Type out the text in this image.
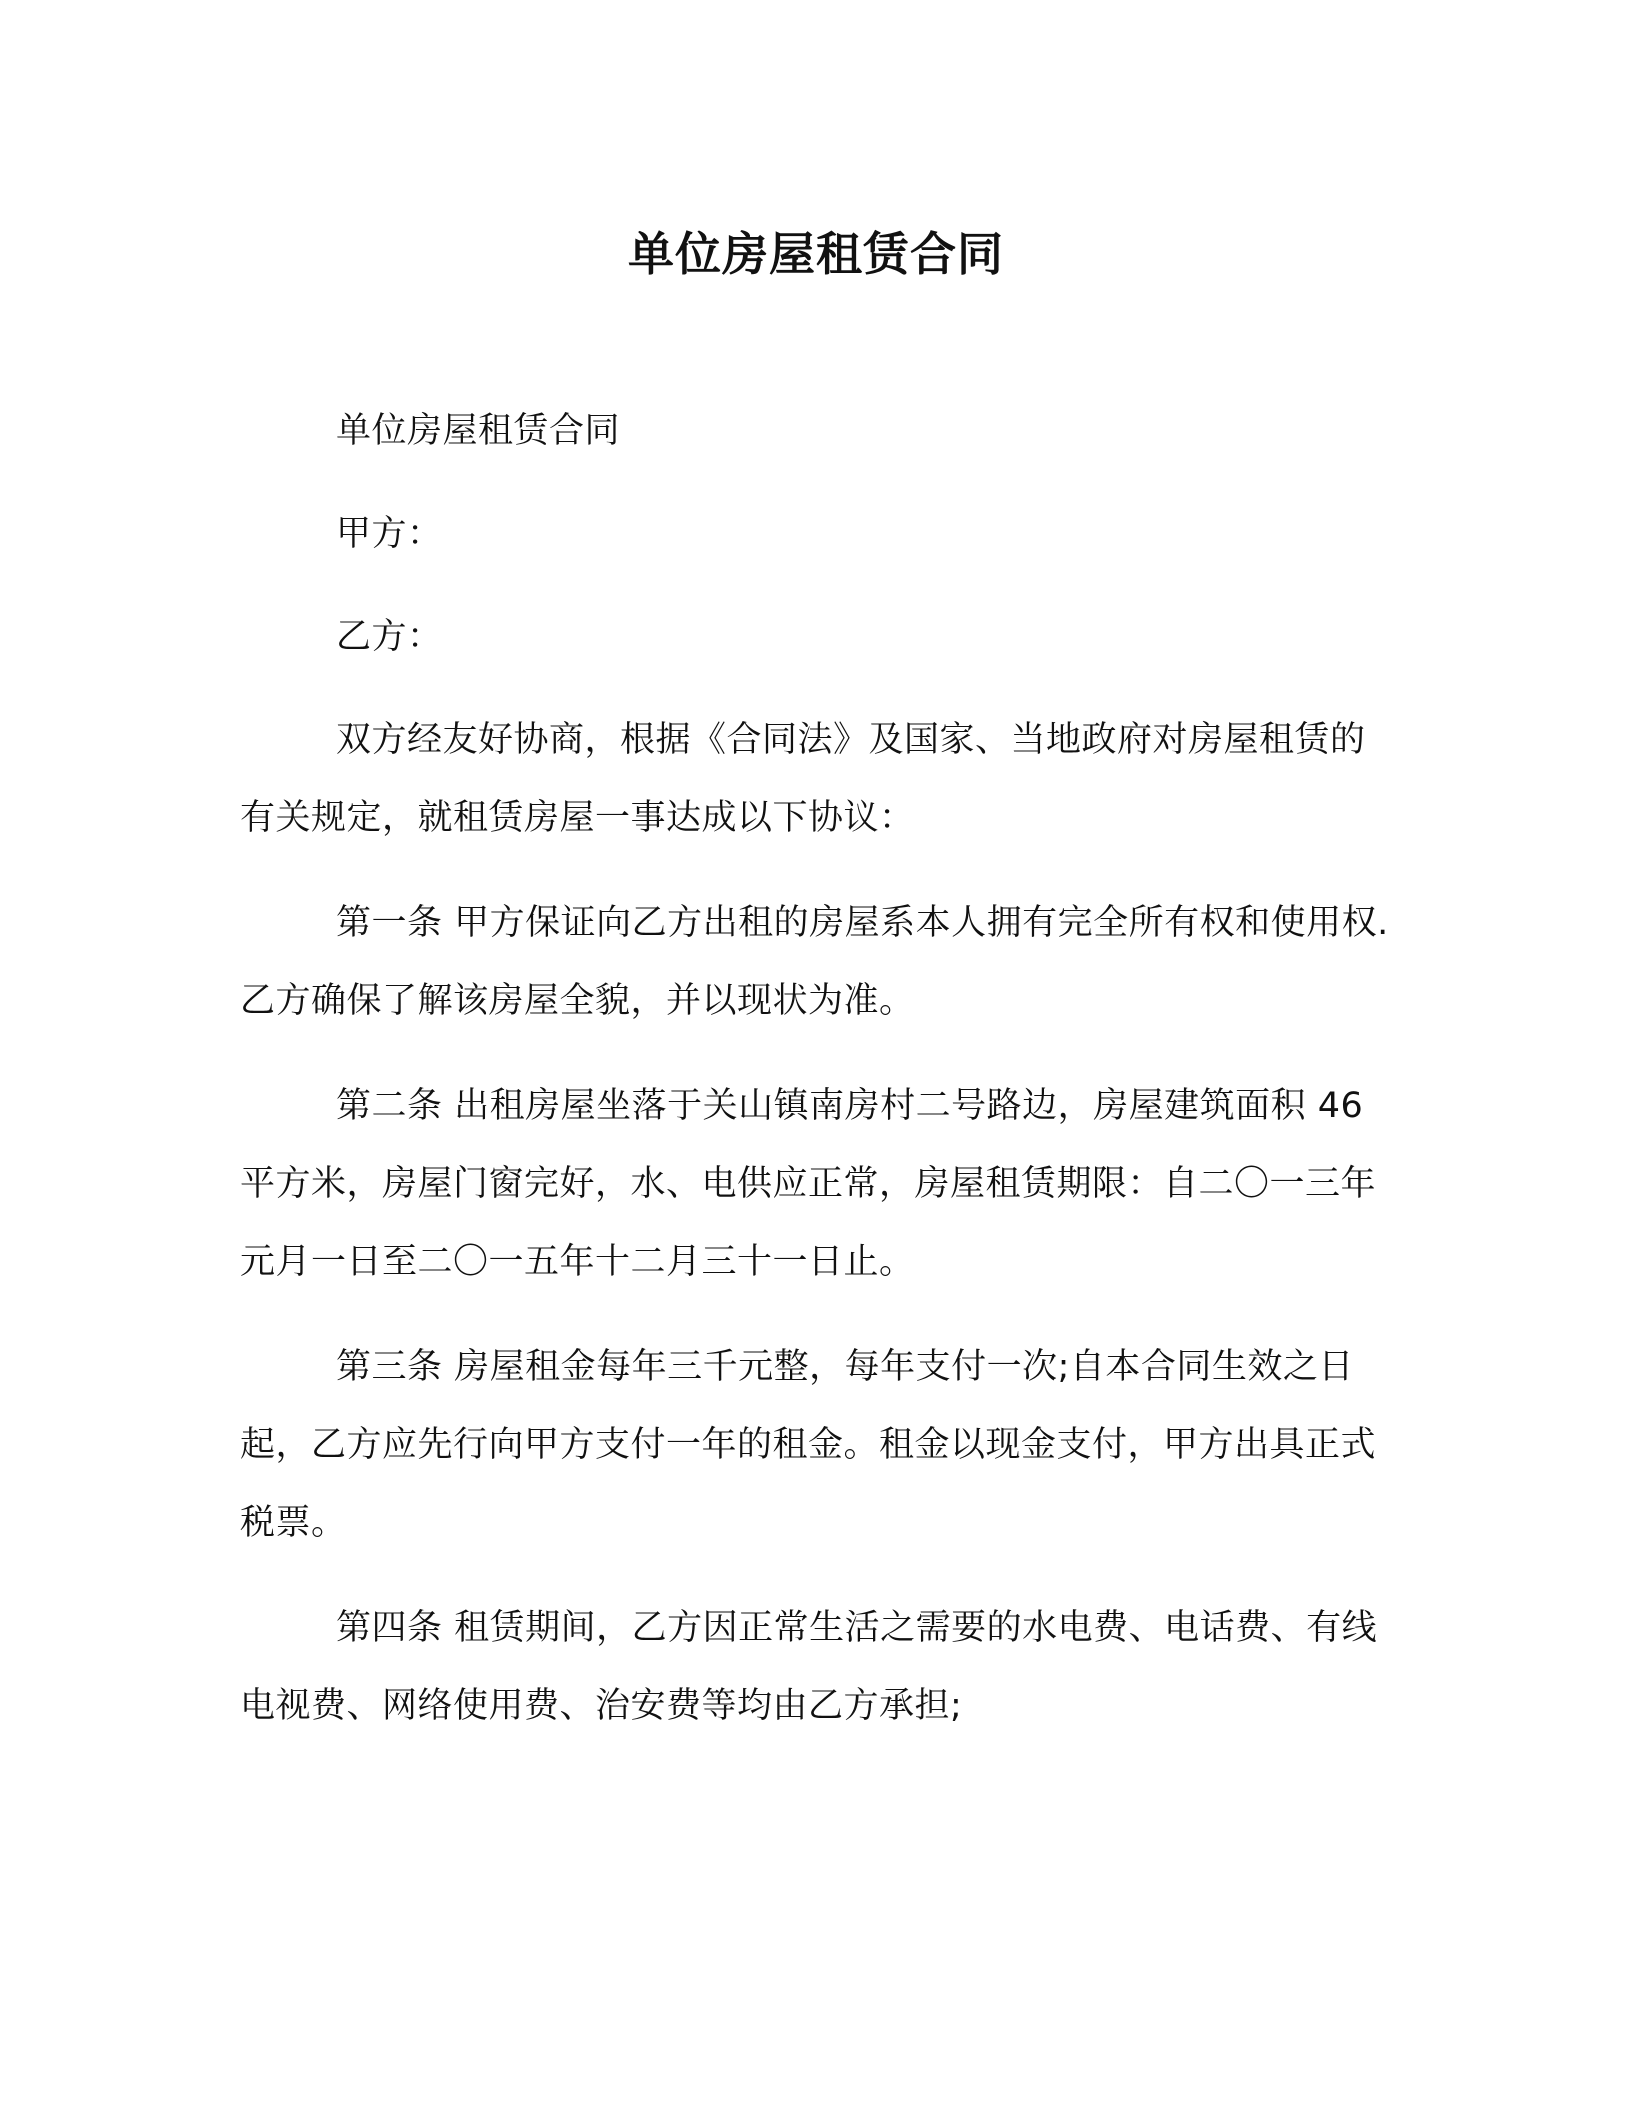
单位房屋租赁合同

单位房屋租赁合同

甲方：

乙方：

双方经友好协商，根据《合同法》及国家、当地政府对房屋租赁的有关规定，就租赁房屋一事达成以下协议：

第一条 甲方保证向乙方出租的房屋系本人拥有完全所有权和使用权.乙方确保了解该房屋全貌，并以现状为准。

第二条 出租房屋坐落于关山镇南房村二号路边，房屋建筑面积 46 平方米，房屋门窗完好，水、电供应正常，房屋租赁期限：自二〇一三年元月一日至二〇一五年十二月三十一日止。

第三条 房屋租金每年三千元整，每年支付一次;自本合同生效之日起，乙方应先行向甲方支付一年的租金。租金以现金支付，甲方出具正式税票。

第四条 租赁期间，乙方因正常生活之需要的水电费、电话费、有线电视费、网络使用费、治安费等均由乙方承担;
